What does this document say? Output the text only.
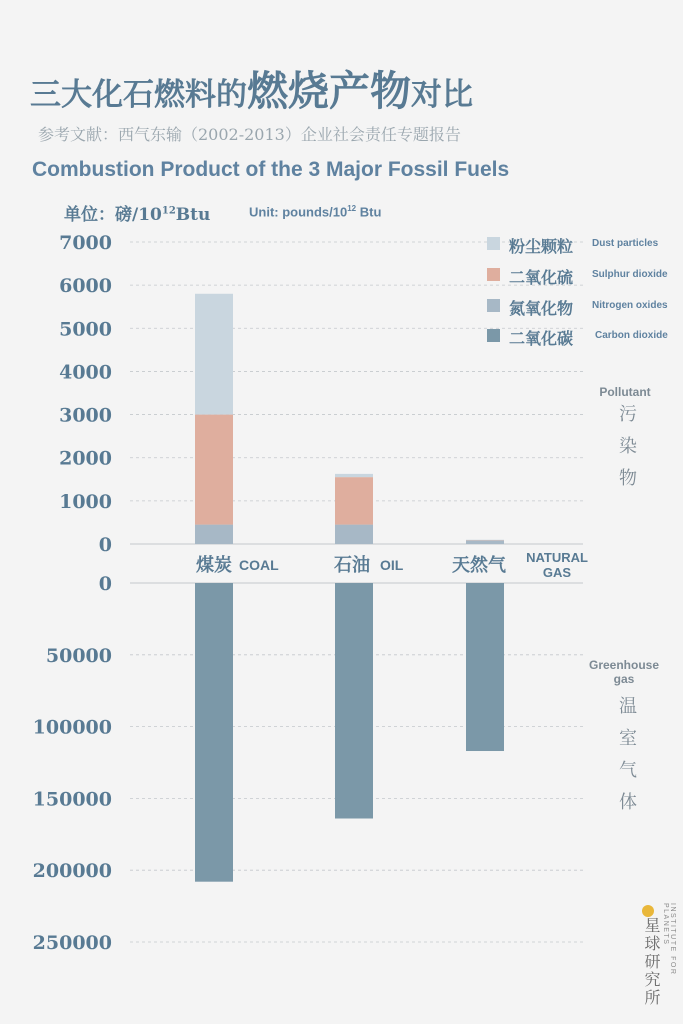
三大化石燃料的燃烧产物对比
参考文献：西气东输（2002-2013）企业社会责任专题报告
Combustion Product of the 3 Major Fossil Fuels
单位：磅$/10^{12}Btu$	Unit: pounds/$10^{12}$ Btu
0
1000
2000
3000
4000
5000
6000
7000
0
50000
100000
150000
200000
250000
煤炭 COAL	石油 OIL	天然气 NATURAL
GAS
粉尘颗粒 Dust particles
二氧化硫 Sulphur dioxide
氮氧化物 Nitrogen oxides
二氧化碳 Carbon dioxide
Pollutant
污染物
Greenhouse gas
温室气体
星球研究所	INSTITUTE FOR PLANETS
